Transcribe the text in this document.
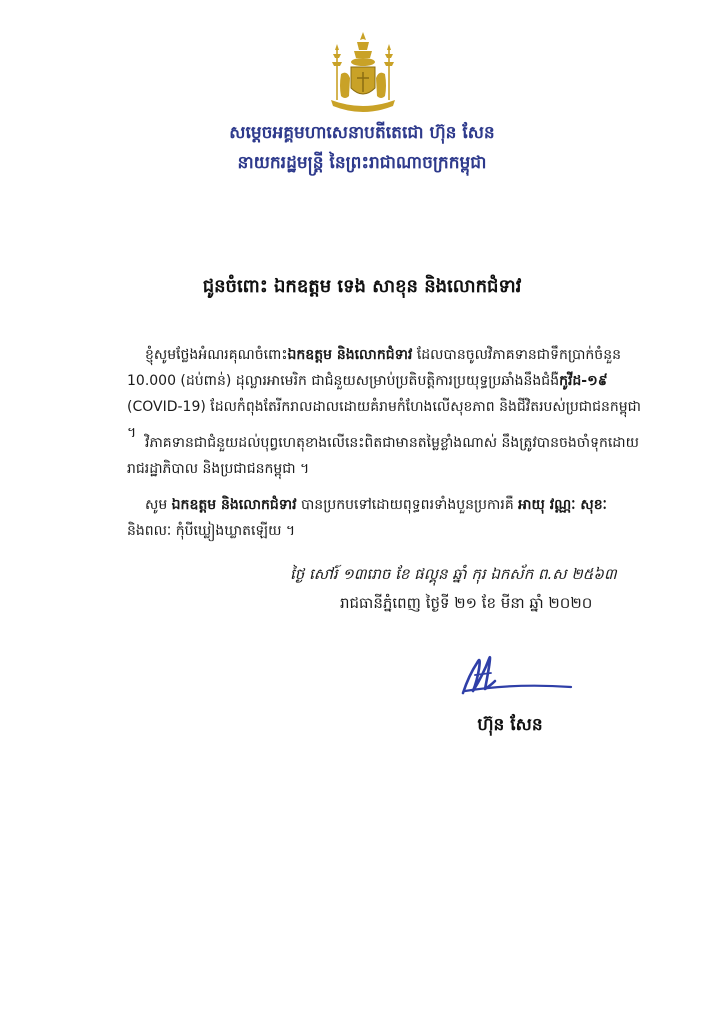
សម្តេចអគ្គមហាសេនាបតីតេជោ ហ៊ុន សែន
នាយករដ្ឋមន្ត្រី នៃព្រះរាជាណាចក្រកម្ពុជា
ជូនចំពោះ ឯកឧត្តម ទេង សាខុន និងលោកជំទាវ
ខ្ញុំសូមថ្លែងអំណរគុណចំពោះឯកឧត្តម និងលោកជំទាវ ដែលបានចូលវិភាគទានជាទឹកប្រាក់ចំនួន 10.000 (ដប់ពាន់) ដុល្លារអាមេរិក ជាជំនួយសម្រាប់ប្រតិបត្តិការប្រយុទ្ធប្រឆាំងនឹងជំងឺកូវីដ-១៩ (COVID-19) ដែលកំពុងតែរីករាលដាលដោយគំរាមកំហែងលើសុខភាព និងជីវិតរបស់ប្រជាជនកម្ពុជា ។
វិភាគទានជាជំនួយដល់បុព្វហេតុខាងលើនេះពិតជាមានតម្លៃខ្លាំងណាស់ នឹងត្រូវបានចងចាំទុកដោយរាជរដ្ឋាភិបាល និងប្រជាជនកម្ពុជា ។
សូម ឯកឧត្តម និងលោកជំទាវ បានប្រកបទៅដោយពុទ្ធពរទាំងបួនប្រការគឺ អាយុ វណ្ណៈ សុខៈ និងពលៈ កុំបីឃ្លៀងឃ្លាតឡើយ ។
ថ្ងៃ សៅរ៍ ១៣រោច ខែ ផល្គុន ឆ្នាំ កុរ ឯកស័ក ព.ស ២៥៦៣
រាជធានីភ្នំពេញ ថ្ងៃទី ២១ ខែ មីនា ឆ្នាំ ២០២០
ហ៊ុន សែន
